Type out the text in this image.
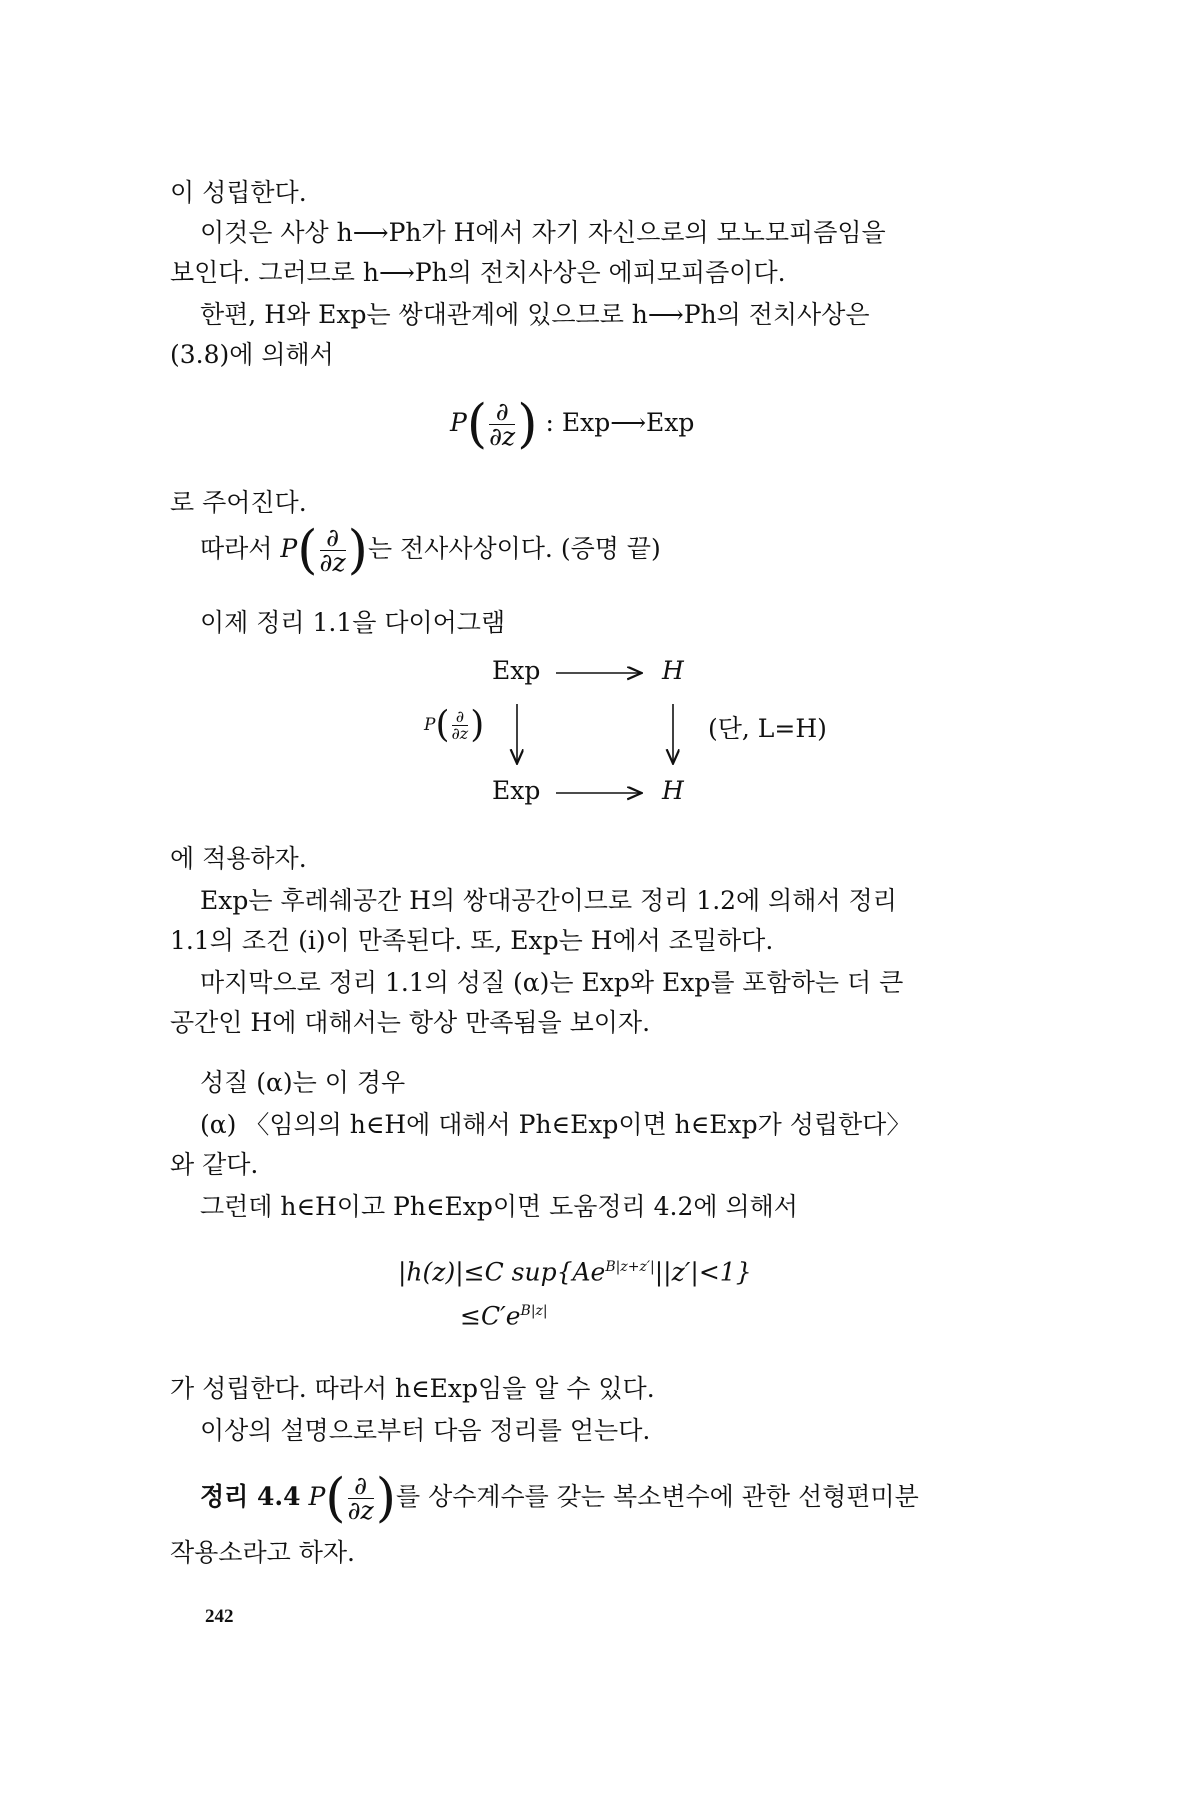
이 성립한다.
이것은 사상 h⟶Ph가 H에서 자기 자신으로의 모노모피즘임을
보인다. 그러므로 h⟶Ph의 전치사상은 에피모피즘이다.
한편, H와 Exp는 쌍대관계에 있으므로 h⟶Ph의 전치사상은
(3.8)에 의해서
$P( \frac{\partial}{\partial z}$ ) : Exp⟶Exp
로 주어진다.
따라서 $P( \frac{\partial}{\partial z}$ )는 전사사상이다. (증명 끝)
이제 정리 1.1을 다이어그램
Exp	H
Exp	H
(단, L=H)
$P( \frac{\partial}{\partial z}$ )
에 적용하자.
Exp는 후레쉐공간 H의 쌍대공간이므로 정리 1.2에 의해서 정리
1.1의 조건 (i)이 만족된다. 또, Exp는 H에서 조밀하다.
마지막으로 정리 1.1의 성질 (α)는 Exp와 Exp를 포함하는 더 큰
공간인 H에 대해서는 항상 만족됨을 보이자.
성질 (α)는 이 경우
(α) 〈임의의 h∈H에 대해서 Ph∈Exp이면 h∈Exp가 성립한다〉
와 같다.
그런데 h∈H이고 Ph∈Exp이면 도움정리 4.2에 의해서
|h(z)|≤C $sup\{Ae^{B|z+z'|}||z'|<1\}$
$\le C'e^{B|z|}$
가 성립한다. 따라서 h∈Exp임을 알 수 있다.
이상의 설명으로부터 다음 정리를 얻는다.
정리 4.4 $P( \frac{\partial}{\partial z}$ )를 상수계수를 갖는 복소변수에 관한 선형편미분
작용소라고 하자.
242
